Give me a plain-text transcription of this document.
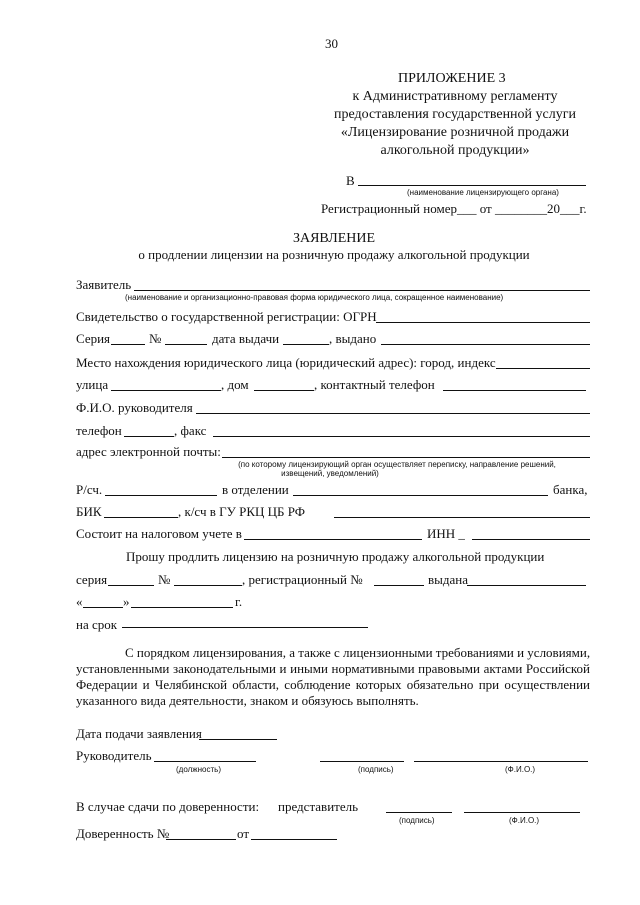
30
ПРИЛОЖЕНИЕ 3
к Административному регламенту
предоставления государственной услуги
«Лицензирование розничной продажи
алкогольной продукции»
В
(наименование лицензирующего органа)
Регистрационный номер___ от ________20___г.
ЗАЯВЛЕНИЕ
о продлении лицензии на розничную продажу алкогольной продукции
Заявитель
(наименование и организационно-правовая форма юридического лица, сокращенное наименование)
Свидетельство о государственной регистрации: ОГРН
Серия	№	дата выдачи	, выдано
Место нахождения юридического лица (юридический адрес): город, индекс
улица	, дом	, контактный телефон
Ф.И.О. руководителя
телефон	, факс
адрес электронной почты:
(по которому лицензирующий орган осуществляет переписку, направление решений,
извещений, уведомлений)
Р/сч.	в отделении	банка,
БИК	, к/сч в ГУ РКЦ ЦБ РФ
Состоит на налоговом учете в	ИНН _
Прошу продлить лицензию на розничную продажу алкогольной продукции
серия	№	, регистрационный №	выдана
«	»	г.
на срок
С порядком лицензирования, а также с лицензионными требованиями и условиями,
установленными законодательными и иными нормативными правовыми актами Российской
Федерации и Челябинской области, соблюдение которых обязательно при осуществлении
указанного вида деятельности, знаком и обязуюсь выполнять.
Дата подачи заявления
Руководитель
(должность)	(подпись)	(Ф.И.О.)
В случае сдачи по доверенности: представитель
(подпись)	(Ф.И.О.)
Доверенность №	от
